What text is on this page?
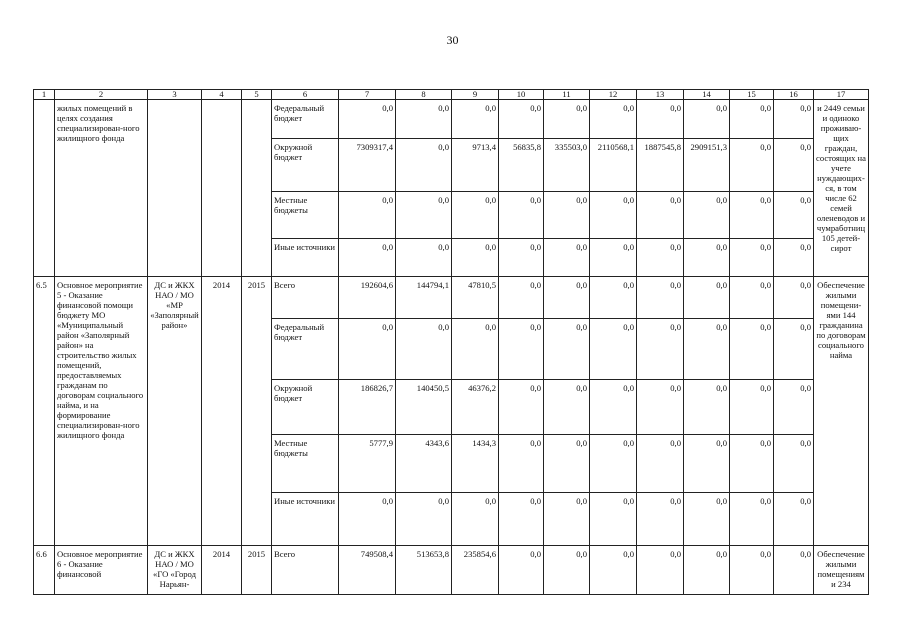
30
1	2	3	4	5	6	7	8	9	10	11	12	13	14	15	16	17
	жилых помещений в целях создания специализирован-ного жилищного фонда				Федеральный бюджет	0,0	0,0	0,0	0,0	0,0	0,0	0,0	0,0	0,0	0,0	и 2449 семьи и одиноко проживаю-щих граждан, состоящих на учете нуждающих-ся, в том числе 62 семей оленеводов и чумработниц 105 детей-сирот
					Окружной бюджет	7309317,4	0,0	9713,4	56835,8	335503,0	2110568,1	1887545,8	2909151,3	0,0	0,0	
					Местные бюджеты	0,0	0,0	0,0	0,0	0,0	0,0	0,0	0,0	0,0	0,0	
					Иные источники	0,0	0,0	0,0	0,0	0,0	0,0	0,0	0,0	0,0	0,0	
6.5	Основное мероприятие 5 - Оказание финансовой помощи бюджету МО «Муниципальный район «Заполярный район» на строительство жилых помещений, предоставляемых гражданам по договорам социального найма, и на формирование специализирован-ного жилищного фонда	ДС и ЖКХ НАО / МО «МР «Заполярный район»	2014	2015	Всего	192604,6	144794,1	47810,5	0,0	0,0	0,0	0,0	0,0	0,0	0,0	Обеспечение жилыми помещени-ями 144 гражданина по договорам социального найма
					Федеральный бюджет	0,0	0,0	0,0	0,0	0,0	0,0	0,0	0,0	0,0	0,0	
					Окружной бюджет	186826,7	140450,5	46376,2	0,0	0,0	0,0	0,0	0,0	0,0	0,0	
					Местные бюджеты	5777,9	4343,6	1434,3	0,0	0,0	0,0	0,0	0,0	0,0	0,0	
					Иные источники	0,0	0,0	0,0	0,0	0,0	0,0	0,0	0,0	0,0	0,0	
6.6	Основное мероприятие 6 - Оказание финансовой	ДС и ЖКХ НАО / МО «ГО «Город Нарьян-	2014	2015	Всего	749508,4	513653,8	235854,6	0,0	0,0	0,0	0,0	0,0	0,0	0,0	Обеспечение жилыми помещениям и 234
